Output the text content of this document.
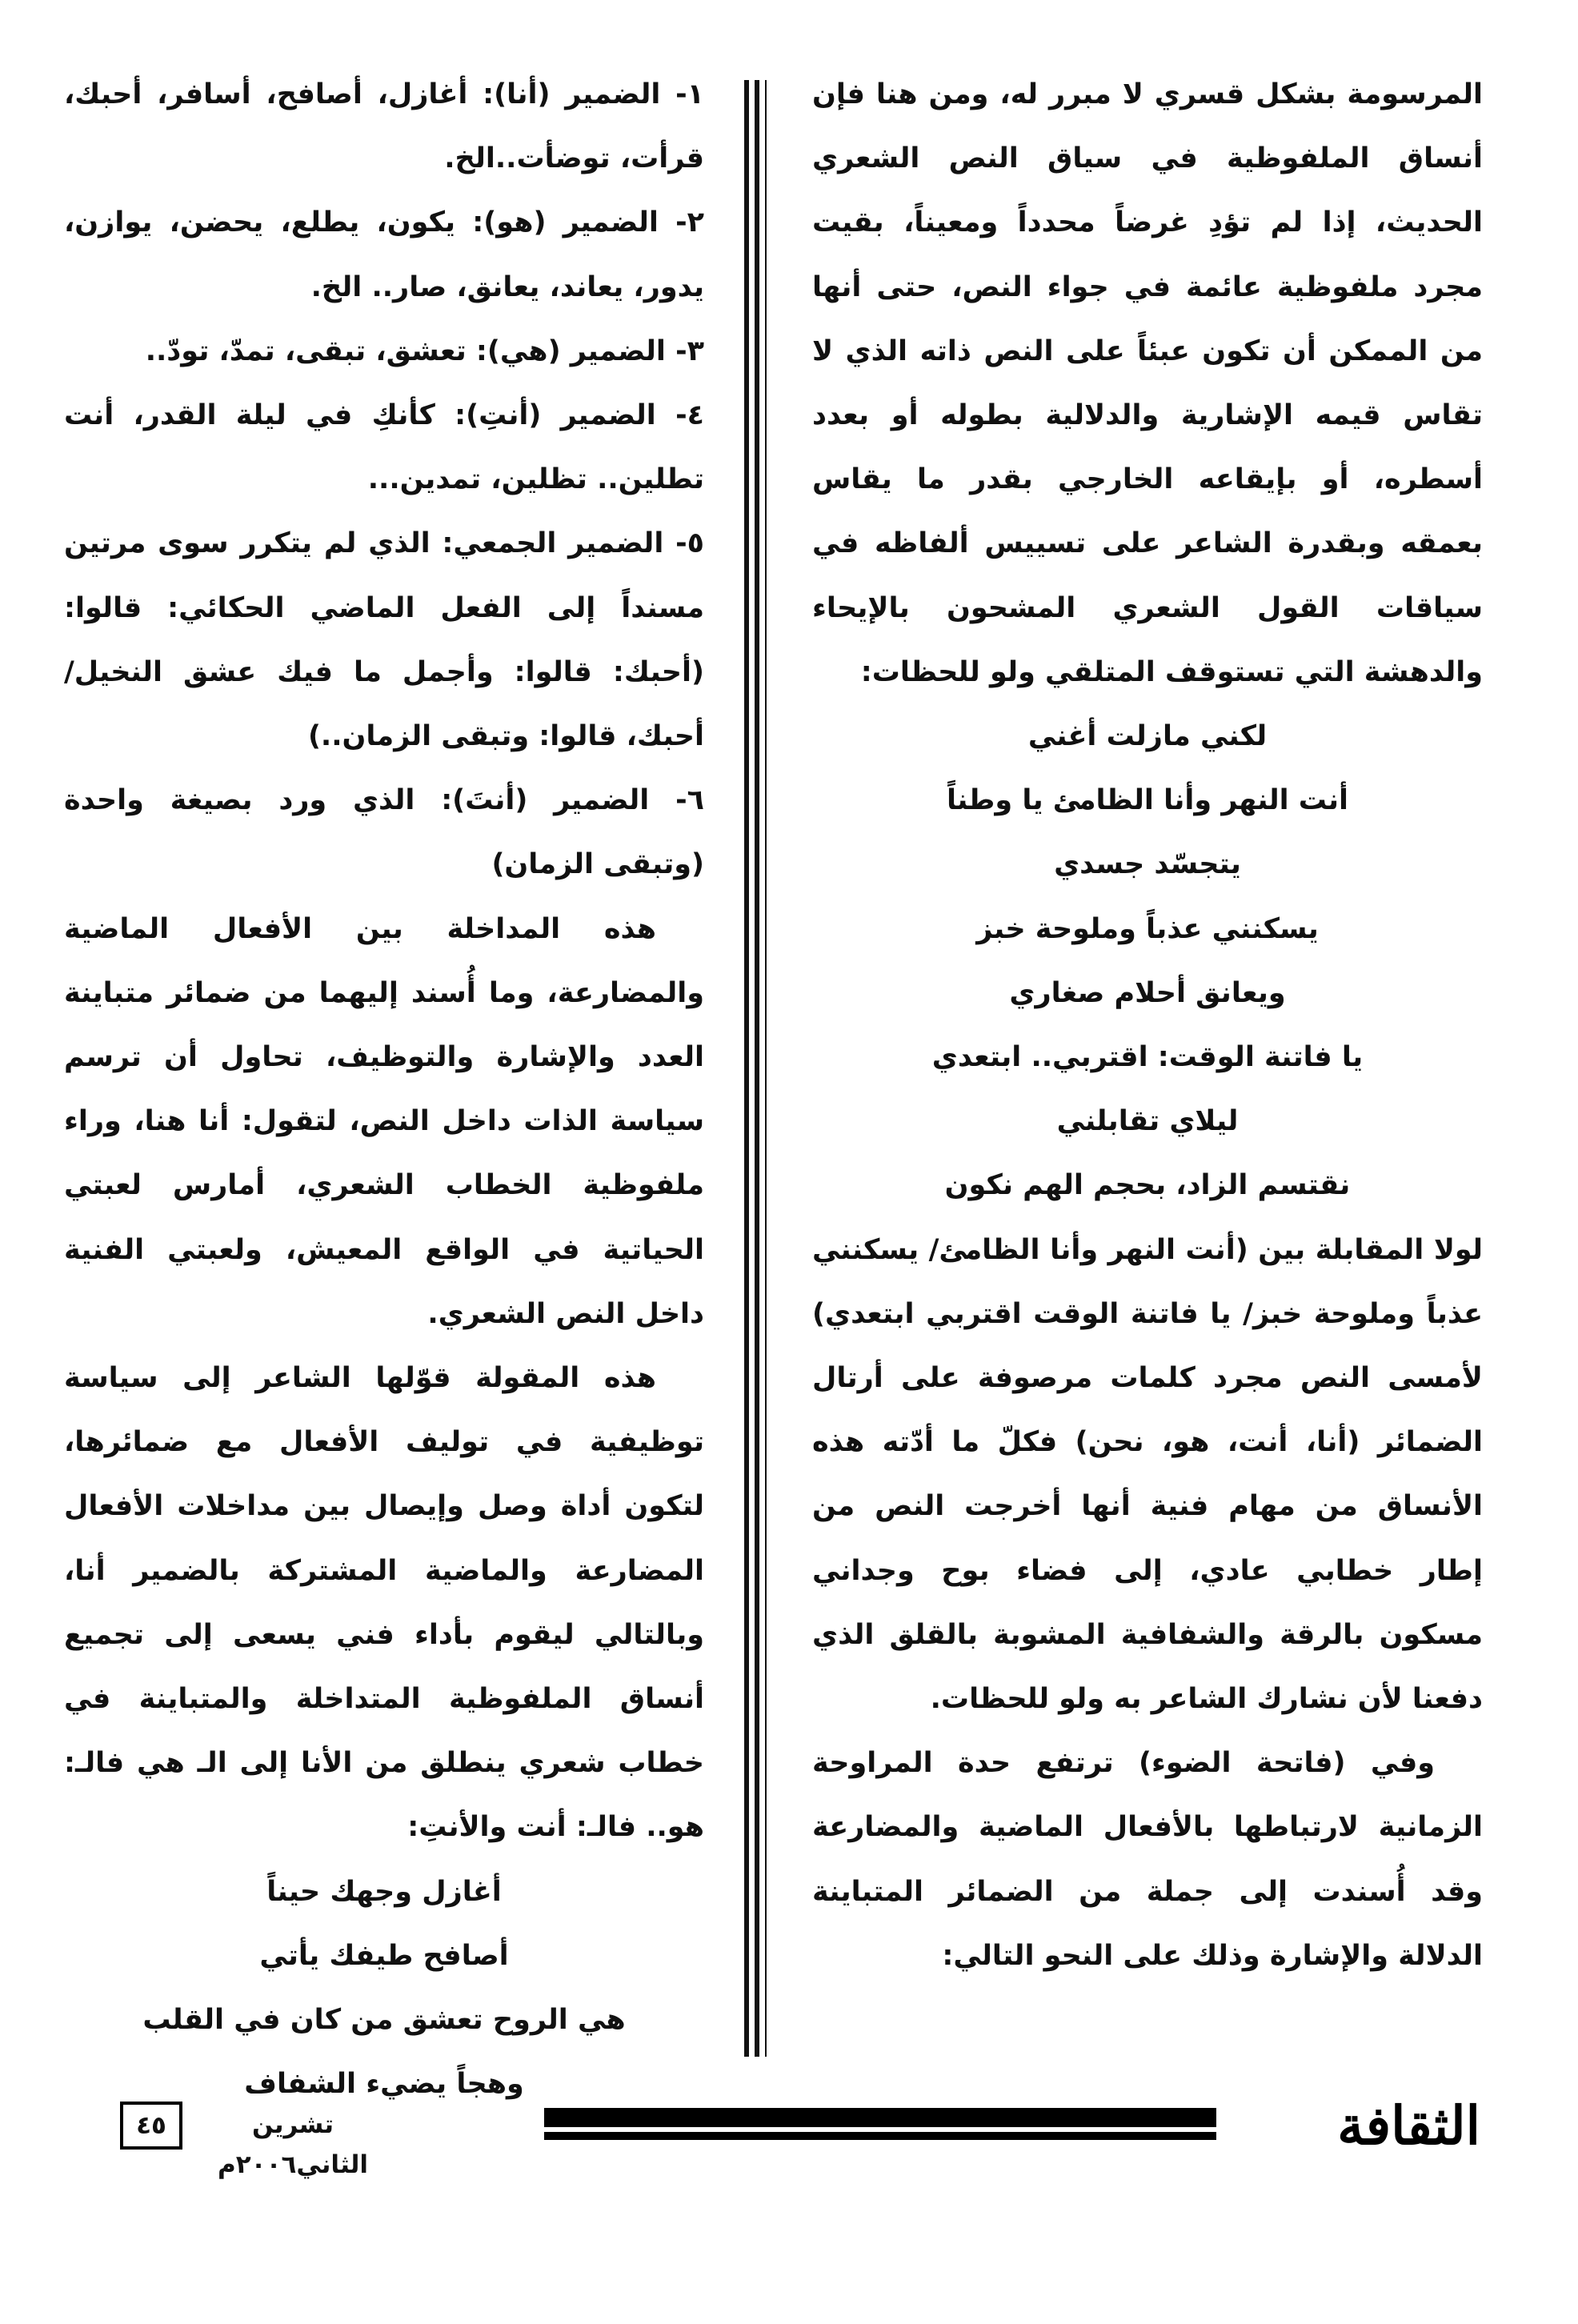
المرسومة بشكل قسري لا مبرر له، ومن هنا فإن أنساق الملفوظية في سياق النص الشعري الحديث، إذا لم تؤدِ غرضاً محدداً ومعيناً، بقيت مجرد ملفوظية عائمة في جواء النص، حتى أنها من الممكن أن تكون عبئاً على النص ذاته الذي لا تقاس قيمه الإشارية والدلالية بطوله أو بعدد أسطره، أو بإيقاعه الخارجي بقدر ما يقاس بعمقه وبقدرة الشاعر على تسييس ألفاظه في سياقات القول الشعري المشحون بالإيحاء والدهشة التي تستوقف المتلقي ولو للحظات:

لكني مازلت أغني

أنت النهر وأنا الظامئ يا وطناً

يتجسّد جسدي

يسكنني عذباً وملوحة خبز

ويعانق أحلام صغاري

يا فاتنة الوقت: اقتربي.. ابتعدي

ليلاي تقابلني

نقتسم الزاد، بحجم الهم نكون

لولا المقابلة بين (أنت النهر وأنا الظامئ/ يسكنني عذباً وملوحة خبز/ يا فاتنة الوقت اقتربي ابتعدي) لأمسى النص مجرد كلمات مرصوفة على أرتال الضمائر (أنا، أنت، هو، نحن) فكلّ ما أدّته هذه الأنساق من مهام فنية أنها أخرجت النص من إطار خطابي عادي، إلى فضاء بوح وجداني مسكون بالرقة والشفافية المشوبة بالقلق الذي دفعنا لأن نشارك الشاعر به ولو للحظات.

وفي (فاتحة الضوء) ترتفع حدة المراوحة الزمانية لارتباطها بالأفعال الماضية والمضارعة وقد أُسندت إلى جملة من الضمائر المتباينة الدلالة والإشارة وذلك على النحو التالي:

١- الضمير (أنا): أغازل، أصافح، أسافر، أحبك، قرأت، توضأت..الخ.

٢- الضمير (هو): يكون، يطلع، يحضن، يوازن، يدور، يعاند، يعانق، صار.. الخ.

٣- الضمير (هي): تعشق، تبقى، تمدّ، تودّ..

٤- الضمير (أنتِ): كأنكِ في ليلة القدر، أنت تطلين.. تظلين، تمدين...

٥- الضمير الجمعي: الذي لم يتكرر سوى مرتين مسنداً إلى الفعل الماضي الحكائي: قالوا: (أحبك: قالوا: وأجمل ما فيك عشق النخيل/ أحبك، قالوا: وتبقى الزمان..)

٦- الضمير (أنتَ): الذي ورد بصيغة واحدة (وتبقى الزمان)

هذه المداخلة بين الأفعال الماضية والمضارعة، وما أُسند إليهما من ضمائر متباينة العدد والإشارة والتوظيف، تحاول أن ترسم سياسة الذات داخل النص، لتقول: أنا هنا، وراء ملفوظية الخطاب الشعري، أمارس لعبتي الحياتية في الواقع المعيش، ولعبتي الفنية داخل النص الشعري.

هذه المقولة قوّلها الشاعر إلى سياسة توظيفية في توليف الأفعال مع ضمائرها، لتكون أداة وصل وإيصال بين مداخلات الأفعال المضارعة والماضية المشتركة بالضمير أنا، وبالتالي ليقوم بأداء فني يسعى إلى تجميع أنساق الملفوظية المتداخلة والمتباينة في خطاب شعري ينطلق من الأنا إلى الـ هي فالـ: هو.. فالـ: أنت والأنتِ:

أغازل وجهك حيناً

أصافح طيفك يأتي

هي الروح تعشق من كان في القلب

وهجاً يضيء الشفاف

الثقافة
تشرين الثاني٢٠٠٦م
٤٥
